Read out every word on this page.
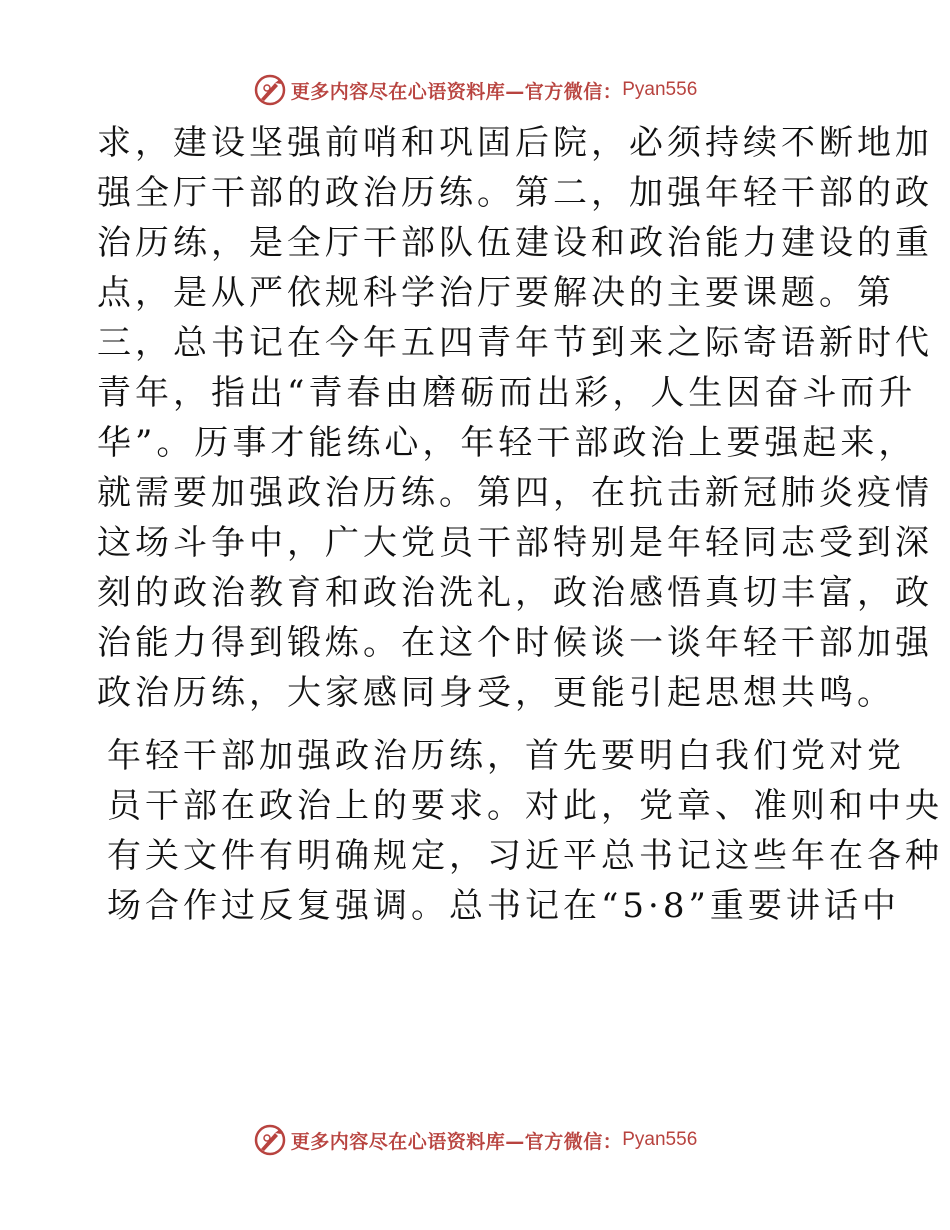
更多内容尽在心语资料库—官方微信： Pyan556

求，建设坚强前哨和巩固后院，必须持续不断地加
强全厅干部的政治历练。第二，加强年轻干部的政
治历练，是全厅干部队伍建设和政治能力建设的重
点，是从严依规科学治厅要解决的主要课题。第
三，总书记在今年五四青年节到来之际寄语新时代
青年，指出“青春由磨砺而出彩，人生因奋斗而升
华”。历事才能练心，年轻干部政治上要强起来，
就需要加强政治历练。第四，在抗击新冠肺炎疫情
这场斗争中，广大党员干部特别是年轻同志受到深
刻的政治教育和政治洗礼，政治感悟真切丰富，政
治能力得到锻炼。在这个时候谈一谈年轻干部加强
政治历练，大家感同身受，更能引起思想共鸣。

年轻干部加强政治历练，首先要明白我们党对党
员干部在政治上的要求。对此，党章、准则和中央
有关文件有明确规定，习近平总书记这些年在各种
场合作过反复强调。总书记在“5·8”重要讲话中

更多内容尽在心语资料库—官方微信： Pyan556
